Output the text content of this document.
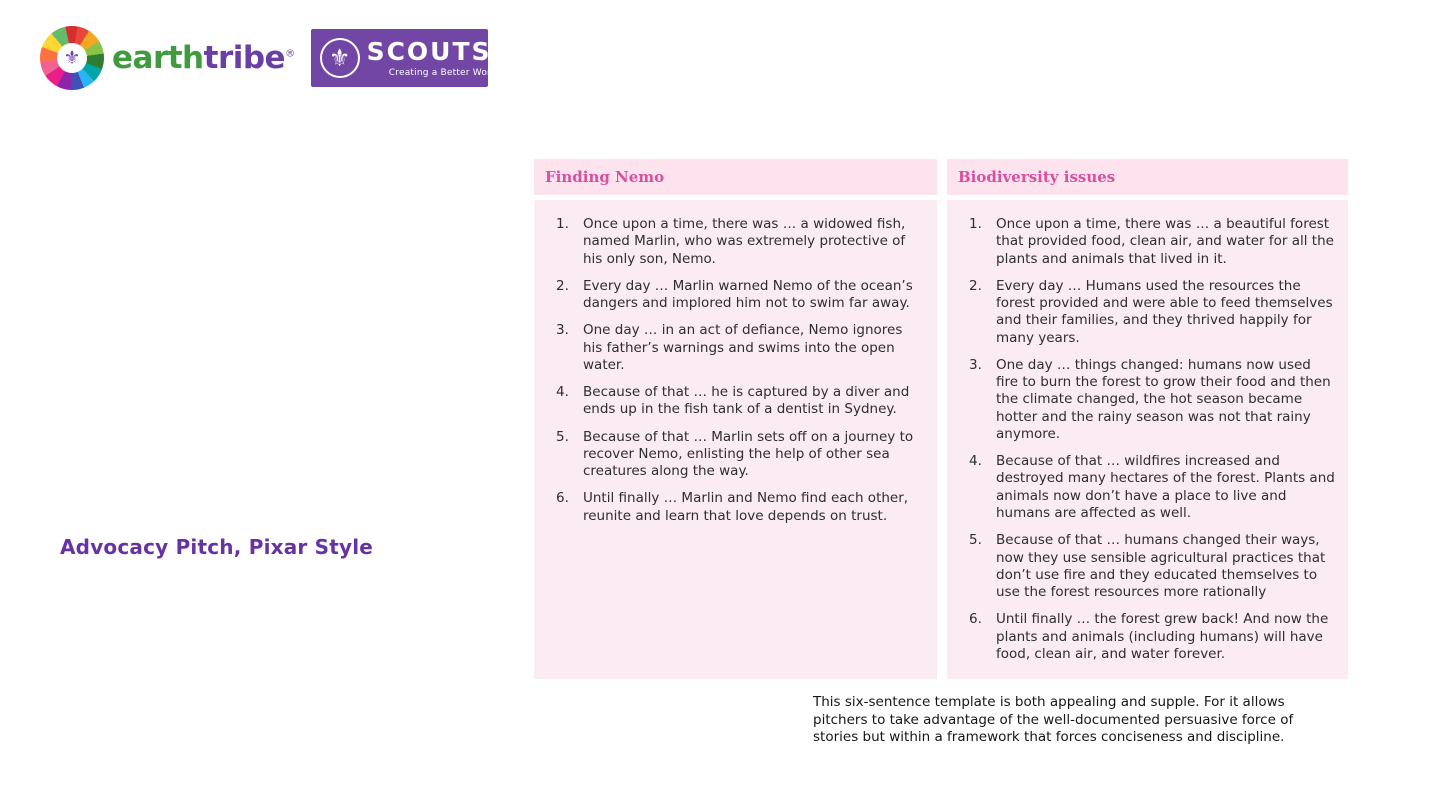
⚜ earthtribe® ⚜ SCOUTS®
Creating a Better World
Advocacy Pitch, Pixar Style
Finding Nemo	Biodiversity issues
1.	Once upon a time, there was … a widowed fish, named Marlin, who was extremely protective of his only son, Nemo.
2.	Every day … Marlin warned Nemo of the ocean’s dangers and implored him not to swim far away.
3.	One day … in an act of defiance, Nemo ignores his father’s warnings and swims into the open water.
4.	Because of that … he is captured by a diver and ends up in the fish tank of a dentist in Sydney.
5.	Because of that … Marlin sets off on a journey to recover Nemo, enlisting the help of other sea creatures along the way.
6.	Until finally … Marlin and Nemo find each other, reunite and learn that love depends on trust.
1.	Once upon a time, there was … a beautiful forest that provided food, clean air, and water for all the plants and animals that lived in it.
2.	Every day … Humans used the resources the forest provided and were able to feed themselves and their families, and they thrived happily for many years.
3.	One day … things changed: humans now used fire to burn the forest to grow their food and then the climate changed, the hot season became hotter and the rainy season was not that rainy anymore.
4.	Because of that … wildfires increased and destroyed many hectares of the forest. Plants and animals now don’t have a place to live and humans are affected as well.
5.	Because of that … humans changed their ways, now they use sensible agricultural practices that don’t use fire and they educated themselves to use the forest resources more rationally
6.	Until finally … the forest grew back! And now the plants and animals (including humans) will have food, clean air, and water forever.

This six-sentence template is both appealing and supple. For it allows pitchers to take advantage of the well-documented persuasive force of stories but within a framework that forces conciseness and discipline.
